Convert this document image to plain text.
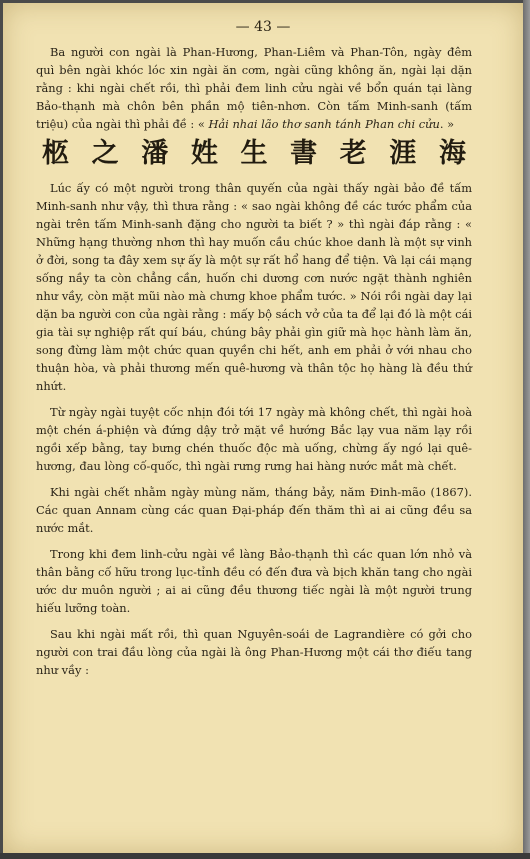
— 43 —

Ba người con ngài là Phan-Hương, Phan-Liêm và Phan-Tôn, ngày đêm quì bên ngài khóc lóc xin ngài ăn cơm, ngài cũng không ăn, ngài lại dặn rằng : khi ngài chết rồi, thì phải đem linh cửu ngài về bổn quán tại làng Bảo-thạnh mà chôn bên phần mộ tiên-nhơn. Còn tấm Minh-sanh (tấm triệu) của ngài thì phải đề : « Hải nhai lão thơ sanh tánh Phan chi cửu. »

柩 之 潘 姓 生 書 老 涯 海

Lúc ấy có một người trong thân quyến của ngài thấy ngài bảo đề tấm Minh-sanh như vậy, thì thưa rằng : « sao ngài không đề các tước phẩm của ngài trên tấm Minh-sanh đặng cho người ta biết ? » thì ngài đáp rằng : « Những hạng thường nhơn thì hay muốn cầu chúc khoe danh là một sự vinh ở đời, song ta đây xem sự ấy là một sự rất hổ hang để tiện. Và lại cái mạng sống nầy ta còn chẳng cần, huốn chi dương cơn nước ngặt thành nghiên như vầy, còn mặt mũi nào mà chưng khoe phẩm tước. » Nói rồi ngài day lại dặn ba người con của ngài rằng : mấy bộ sách vở của ta để lại đó là một cái gia tài sự nghiệp rất quí báu, chúng bây phải gìn giữ mà học hành làm ăn, song đừng làm một chức quan quyền chi hết, anh em phải ở với nhau cho thuận hòa, và phải thương mến quê-hương và thân tộc họ hàng là đều thứ nhứt.

Từ ngày ngài tuyệt cốc nhịn đói tới 17 ngày mà không chết, thì ngài hoà một chén á-phiện và đứng dậy trở mặt về hướng Bắc lạy vua năm lạy rồi ngồi xếp bằng, tay bưng chén thuốc độc mà uống, chừng ấy ngó lại quê-hương, đau lòng cố-quốc, thì ngài rưng rưng hai hàng nước mắt mà chết.

Khi ngài chết nhằm ngày mùng năm, tháng bảy, năm Đinh-mão (1867). Các quan Annam cùng các quan Đại-pháp đến thăm thì ai ai cũng đều sa nước mắt.

Trong khi đem linh-cửu ngài về làng Bảo-thạnh thì các quan lớn nhỏ và thân bằng cố hữu trong lục-tỉnh đều có đến đưa và bịch khăn tang cho ngài ước dư muôn người ; ai ai cũng đều thương tiếc ngài là một người trung hiếu lưỡng toàn.

Sau khi ngài mất rồi, thì quan Nguyên-soái de Lagrandière có gởi cho người con trai đầu lòng của ngài là ông Phan-Hương một cái thơ điếu tang như vầy :
